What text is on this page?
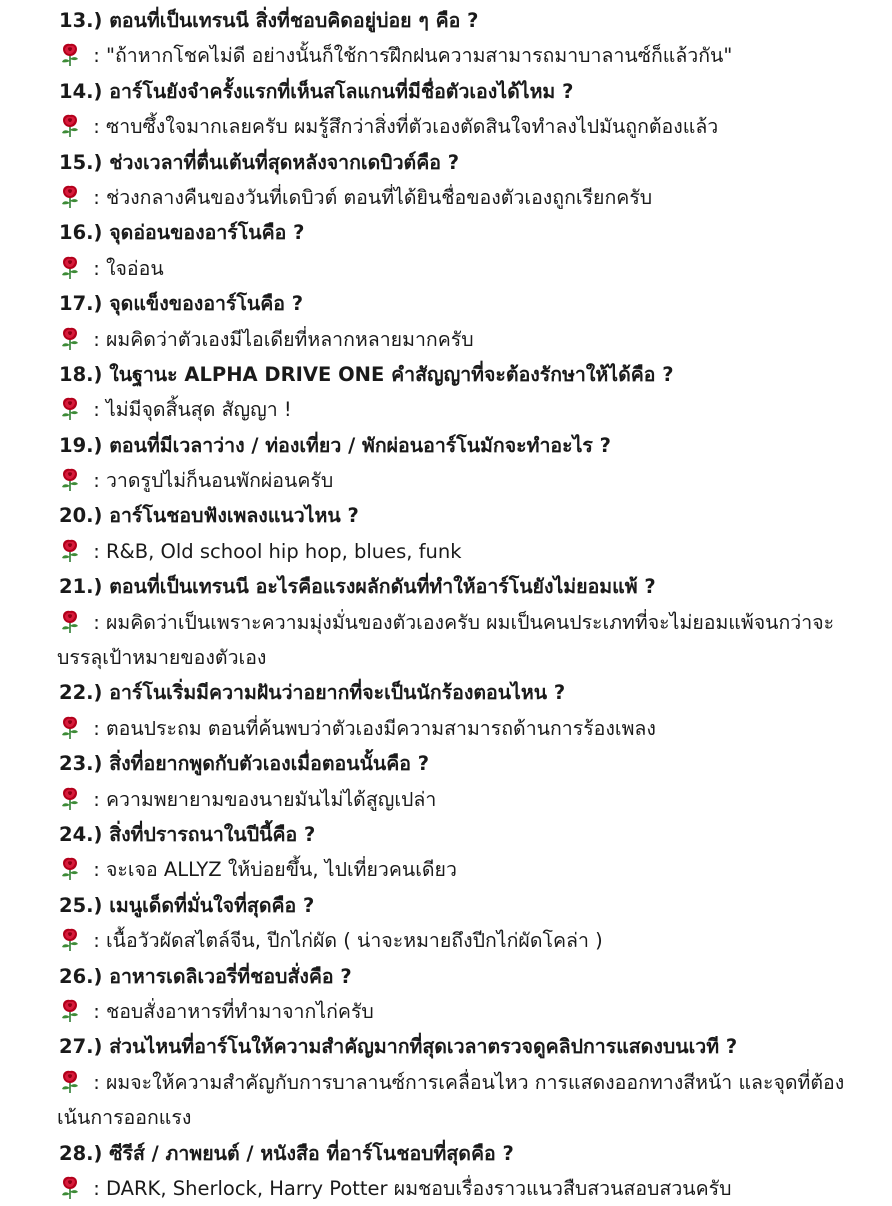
13.) ตอนที่เป็นเทรนนี สิ่งที่ชอบคิดอยู่บ่อย ๆ คือ ?
: "ถ้าหากโชคไม่ดี อย่างนั้นก็ใช้การฝึกฝนความสามารถมาบาลานซ์ก็แล้วกัน"
14.) อาร์โนยังจำครั้งแรกที่เห็นสโลแกนที่มีชื่อตัวเองได้ไหม ?
: ซาบซึ้งใจมากเลยครับ ผมรู้สึกว่าสิ่งที่ตัวเองตัดสินใจทำลงไปมันถูกต้องแล้ว
15.) ช่วงเวลาที่ตื่นเต้นที่สุดหลังจากเดบิวต์คือ ?
: ช่วงกลางคืนของวันที่เดบิวต์ ตอนที่ได้ยินชื่อของตัวเองถูกเรียกครับ
16.) จุดอ่อนของอาร์โนคือ ?
: ใจอ่อน
17.) จุดแข็งของอาร์โนคือ ?
: ผมคิดว่าตัวเองมีไอเดียที่หลากหลายมากครับ
18.) ในฐานะ ALPHA DRIVE ONE คำสัญญาที่จะต้องรักษาให้ได้คือ ?
: ไม่มีจุดสิ้นสุด สัญญา !
19.) ตอนที่มีเวลาว่าง / ท่องเที่ยว / พักผ่อนอาร์โนมักจะทำอะไร ?
: วาดรูปไม่ก็นอนพักผ่อนครับ
20.) อาร์โนชอบฟังเพลงแนวไหน ?
: R&B, Old school hip hop, blues, funk
21.) ตอนที่เป็นเทรนนี อะไรคือแรงผลักดันที่ทำให้อาร์โนยังไม่ยอมแพ้ ?
: ผมคิดว่าเป็นเพราะความมุ่งมั่นของตัวเองครับ ผมเป็นคนประเภทที่จะไม่ยอมแพ้จนกว่าจะ
บรรลุเป้าหมายของตัวเอง
22.) อาร์โนเริ่มมีความฝันว่าอยากที่จะเป็นนักร้องตอนไหน ?
: ตอนประถม ตอนที่ค้นพบว่าตัวเองมีความสามารถด้านการร้องเพลง
23.) สิ่งที่อยากพูดกับตัวเองเมื่อตอนนั้นคือ ?
: ความพยายามของนายมันไม่ได้สูญเปล่า
24.) สิ่งที่ปรารถนาในปีนี้คือ ?
: จะเจอ ALLYZ ให้บ่อยขึ้น, ไปเที่ยวคนเดียว
25.) เมนูเด็ดที่มั่นใจที่สุดคือ ?
: เนื้อวัวผัดสไตล์จีน, ปีกไก่ผัด ( น่าจะหมายถึงปีกไก่ผัดโคล่า )
26.) อาหารเดลิเวอรี่ที่ชอบสั่งคือ ?
: ชอบสั่งอาหารที่ทำมาจากไก่ครับ
27.) ส่วนไหนที่อาร์โนให้ความสำคัญมากที่สุดเวลาตรวจดูคลิปการแสดงบนเวที ?
: ผมจะให้ความสำคัญกับการบาลานซ์การเคลื่อนไหว การแสดงออกทางสีหน้า และจุดที่ต้อง
เน้นการออกแรง
28.) ซีรีส์ / ภาพยนต์ / หนังสือ ที่อาร์โนชอบที่สุดคือ ?
: DARK, Sherlock, Harry Potter ผมชอบเรื่องราวแนวสืบสวนสอบสวนครับ
